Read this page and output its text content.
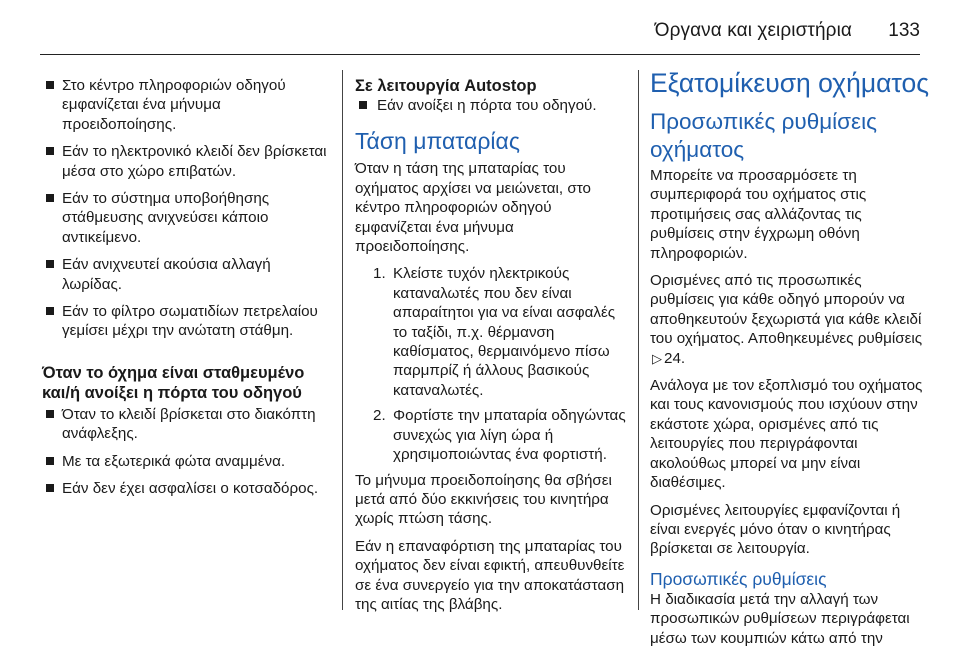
Όργανα και χειριστήρια 133
Στο κέντρο πληροφοριών οδηγού εμφανίζεται ένα μήνυμα προειδοποίησης.
Εάν το ηλεκτρονικό κλειδί δεν βρίσκεται μέσα στο χώρο επιβατών.
Εάν το σύστημα υποβοήθησης στάθμευσης ανιχνεύσει κάποιο αντικείμενο.
Εάν ανιχνευτεί ακούσια αλλαγή λωρίδας.
Εάν το φίλτρο σωματιδίων πετρελαίου γεμίσει μέχρι την ανώτατη στάθμη.
Όταν το όχημα είναι σταθμευμένο και/ή ανοίξει η πόρτα του οδηγού
Όταν το κλειδί βρίσκεται στο διακόπτη ανάφλεξης.
Με τα εξωτερικά φώτα αναμμένα.
Εάν δεν έχει ασφαλίσει ο κοτσαδόρος.
Σε λειτουργία Autostop
Εάν ανοίξει η πόρτα του οδηγού.
Τάση μπαταρίας

Όταν η τάση της μπαταρίας του οχήματος αρχίσει να μειώνεται, στο κέντρο πληροφοριών οδηγού εμφανίζεται ένα μήνυμα προειδοποίησης.

1. Κλείστε τυχόν ηλεκτρικούς καταναλωτές που δεν είναι απαραίτητοι για να είναι ασφαλές το ταξίδι, π.χ. θέρμανση καθίσματος, θερμαινόμενο πίσω παρμπρίζ ή άλλους βασικούς καταναλωτές.
2. Φορτίστε την μπαταρία οδηγώντας συνεχώς για λίγη ώρα ή χρησιμοποιώντας ένα φορτιστή.

Το μήνυμα προειδοποίησης θα σβήσει μετά από δύο εκκινήσεις του κινητήρα χωρίς πτώση τάσης.

Εάν η επαναφόρτιση της μπαταρίας του οχήματος δεν είναι εφικτή, απευθυνθείτε σε ένα συνεργείο για την αποκατάσταση της αιτίας της βλάβης.

Εξατομίκευση οχήματος
Προσωπικές ρυθμίσεις οχήματος

Μπορείτε να προσαρμόσετε τη συμπεριφορά του οχήματος στις προτιμήσεις σας αλλάζοντας τις ρυθμίσεις στην έγχρωμη οθόνη πληροφοριών.

Ορισμένες από τις προσωπικές ρυθμίσεις για κάθε οδηγό μπορούν να αποθηκευτούν ξεχωριστά για κάθε κλειδί του οχήματος. Αποθηκευμένες ρυθμίσεις ▷ 24.

Ανάλογα με τον εξοπλισμό του οχήματος και τους κανονισμούς που ισχύουν στην εκάστοτε χώρα, ορισμένες από τις λειτουργίες που περιγράφονται ακολούθως μπορεί να μην είναι διαθέσιμες.

Ορισμένες λειτουργίες εμφανίζονται ή είναι ενεργές μόνο όταν ο κινητήρας βρίσκεται σε λειτουργία.

Προσωπικές ρυθμίσεις

Η διαδικασία μετά την αλλαγή των προσωπικών ρυθμίσεων περιγράφεται μέσω των κουμπιών κάτω από την
